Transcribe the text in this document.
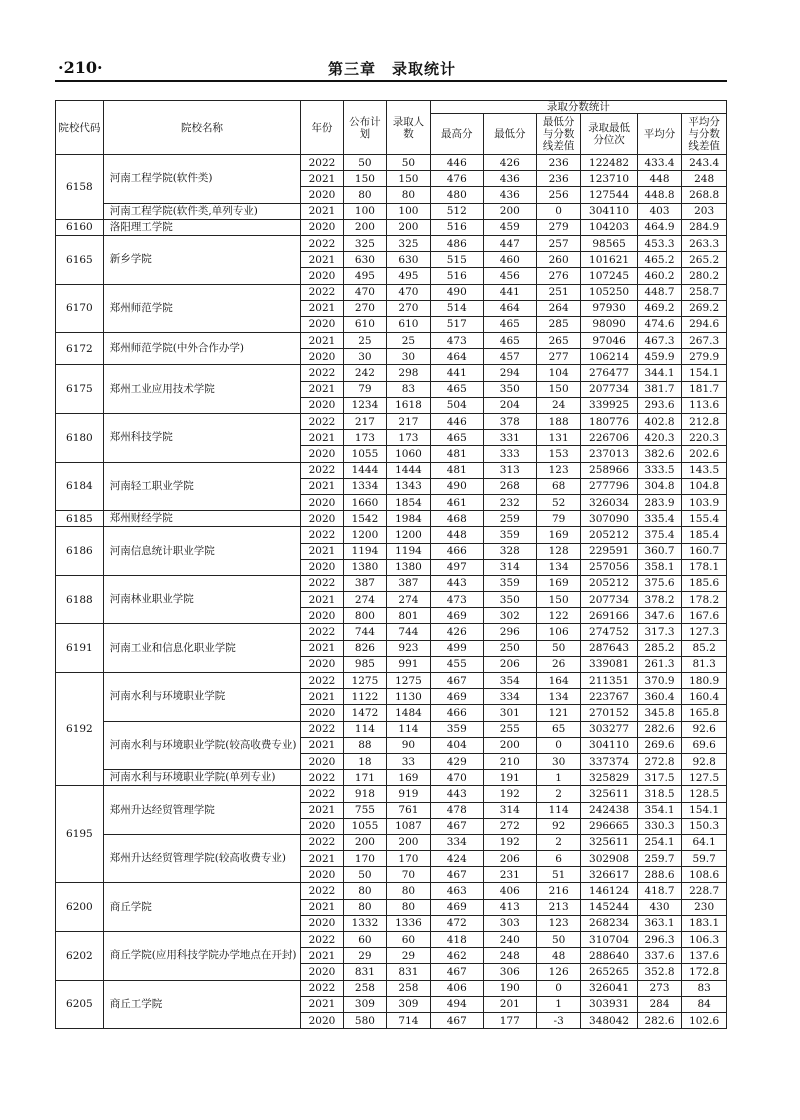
·210·	第三章　录取统计
院校代码	院校名称	年份	公布计划	录取人数	录取分数统计					
					最高分	最低分	最低分与分数线差值	录取最低分位次	平均分	平均分与分数线差值
6158	河南工程学院(软件类)	2022	50	50	446	426	236	122482	433.4	243.4
		2021	150	150	476	436	236	123710	448	248
		2020	80	80	480	436	256	127544	448.8	268.8
	河南工程学院(软件类,单列专业)	2021	100	100	512	200	0	304110	403	203
6160	洛阳理工学院	2020	200	200	516	459	279	104203	464.9	284.9
6165	新乡学院	2022	325	325	486	447	257	98565	453.3	263.3
		2021	630	630	515	460	260	101621	465.2	265.2
		2020	495	495	516	456	276	107245	460.2	280.2
6170	郑州师范学院	2022	470	470	490	441	251	105250	448.7	258.7
		2021	270	270	514	464	264	97930	469.2	269.2
		2020	610	610	517	465	285	98090	474.6	294.6
6172	郑州师范学院(中外合作办学)	2021	25	25	473	465	265	97046	467.3	267.3
		2020	30	30	464	457	277	106214	459.9	279.9
6175	郑州工业应用技术学院	2022	242	298	441	294	104	276477	344.1	154.1
		2021	79	83	465	350	150	207734	381.7	181.7
		2020	1234	1618	504	204	24	339925	293.6	113.6
6180	郑州科技学院	2022	217	217	446	378	188	180776	402.8	212.8
		2021	173	173	465	331	131	226706	420.3	220.3
		2020	1055	1060	481	333	153	237013	382.6	202.6
6184	河南轻工职业学院	2022	1444	1444	481	313	123	258966	333.5	143.5
		2021	1334	1343	490	268	68	277796	304.8	104.8
		2020	1660	1854	461	232	52	326034	283.9	103.9
6185	郑州财经学院	2020	1542	1984	468	259	79	307090	335.4	155.4
6186	河南信息统计职业学院	2022	1200	1200	448	359	169	205212	375.4	185.4
		2021	1194	1194	466	328	128	229591	360.7	160.7
		2020	1380	1380	497	314	134	257056	358.1	178.1
6188	河南林业职业学院	2022	387	387	443	359	169	205212	375.6	185.6
		2021	274	274	473	350	150	207734	378.2	178.2
		2020	800	801	469	302	122	269166	347.6	167.6
6191	河南工业和信息化职业学院	2022	744	744	426	296	106	274752	317.3	127.3
		2021	826	923	499	250	50	287643	285.2	85.2
		2020	985	991	455	206	26	339081	261.3	81.3
6192	河南水利与环境职业学院	2022	1275	1275	467	354	164	211351	370.9	180.9
		2021	1122	1130	469	334	134	223767	360.4	160.4
		2020	1472	1484	466	301	121	270152	345.8	165.8
	河南水利与环境职业学院(较高收费专业)	2022	114	114	359	255	65	303277	282.6	92.6
		2021	88	90	404	200	0	304110	269.6	69.6
		2020	18	33	429	210	30	337374	272.8	92.8
	河南水利与环境职业学院(单列专业)	2022	171	169	470	191	1	325829	317.5	127.5
6195	郑州升达经贸管理学院	2022	918	919	443	192	2	325611	318.5	128.5
		2021	755	761	478	314	114	242438	354.1	154.1
		2020	1055	1087	467	272	92	296665	330.3	150.3
	郑州升达经贸管理学院(较高收费专业)	2022	200	200	334	192	2	325611	254.1	64.1
		2021	170	170	424	206	6	302908	259.7	59.7
		2020	50	70	467	231	51	326617	288.6	108.6
6200	商丘学院	2022	80	80	463	406	216	146124	418.7	228.7
		2021	80	80	469	413	213	145244	430	230
		2020	1332	1336	472	303	123	268234	363.1	183.1
6202	商丘学院(应用科技学院办学地点在开封)	2022	60	60	418	240	50	310704	296.3	106.3
		2021	29	29	462	248	48	288640	337.6	137.6
		2020	831	831	467	306	126	265265	352.8	172.8
6205	商丘工学院	2022	258	258	406	190	0	326041	273	83
		2021	309	309	494	201	1	303931	284	84
		2020	580	714	467	177	-3	348042	282.6	102.6
